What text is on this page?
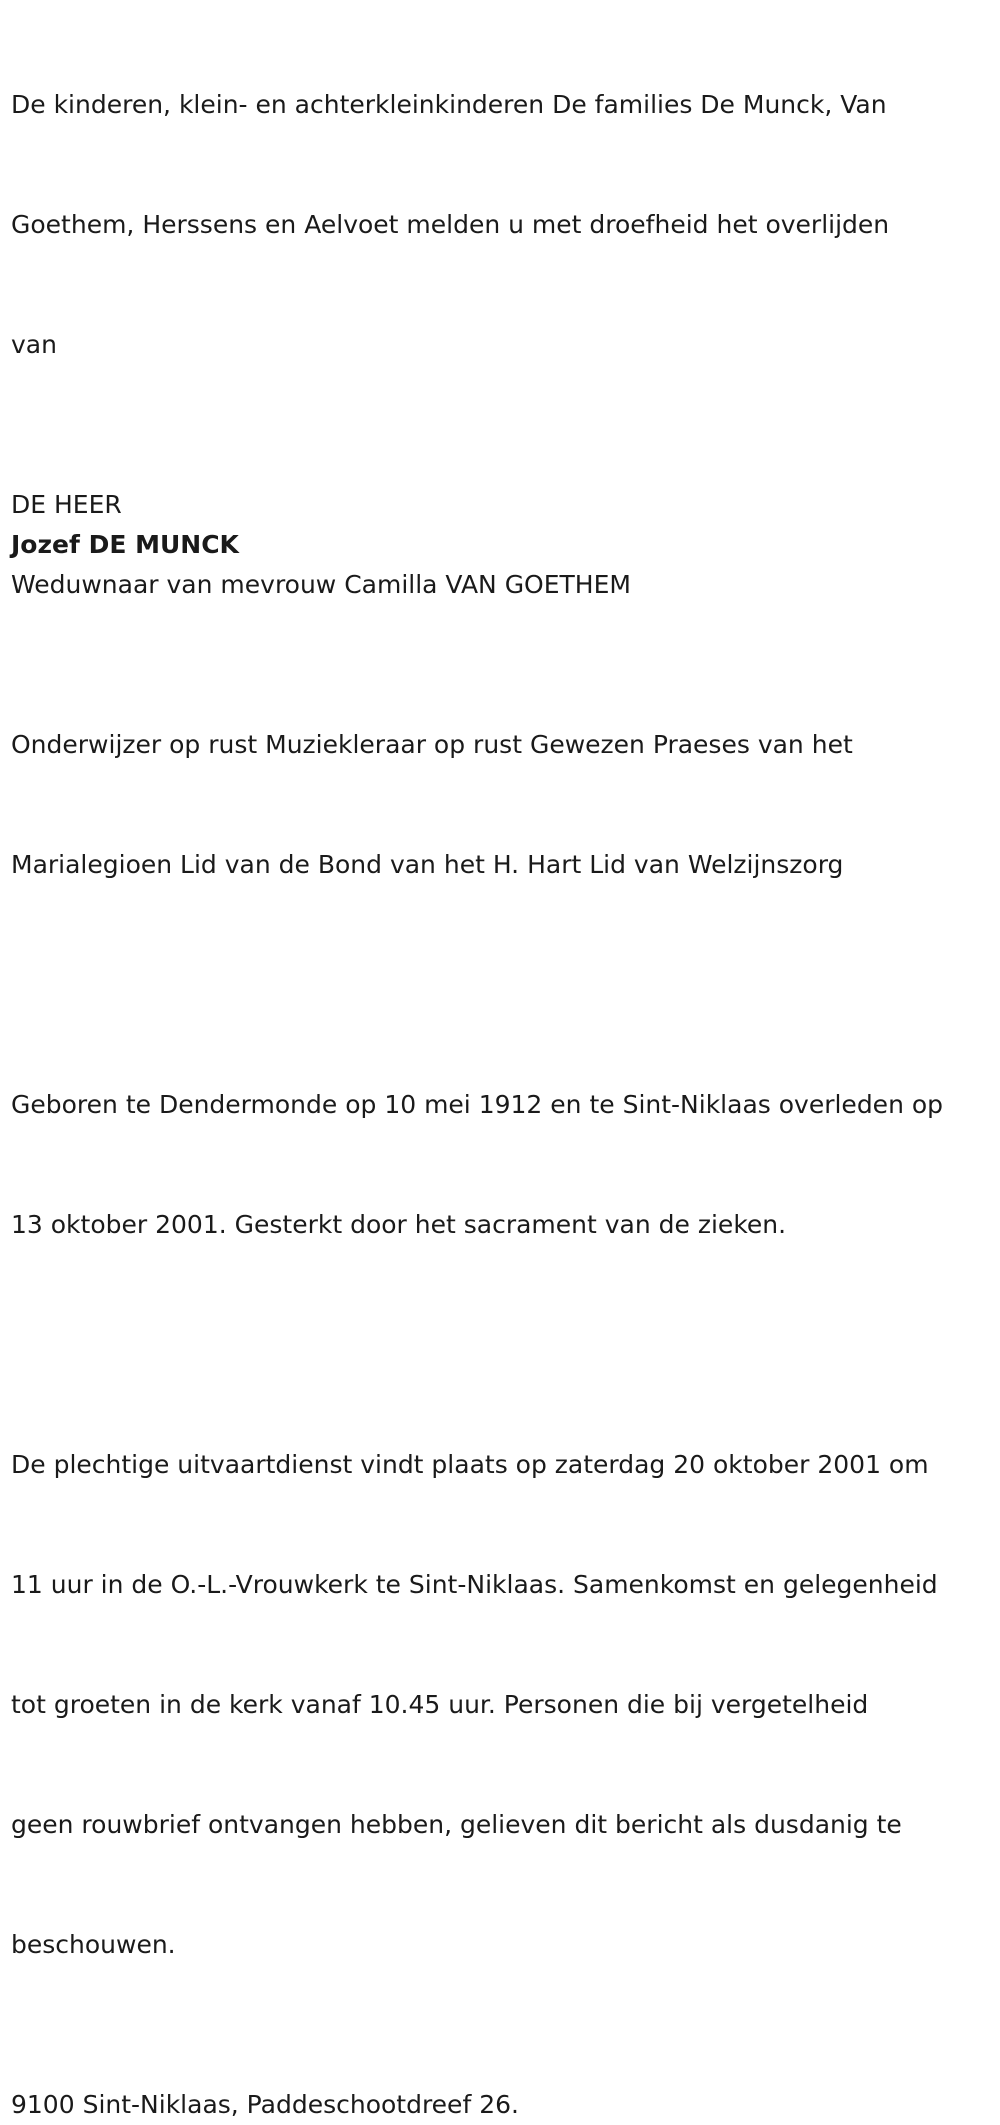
De kinderen, klein- en achterkleinkinderen De families De Munck, Van

Goethem, Herssens en Aelvoet melden u met droefheid het overlijden

van

DE HEER
Jozef DE MUNCK
Weduwnaar van mevrouw Camilla VAN GOETHEM

Onderwijzer op rust Muziekleraar op rust Gewezen Praeses van het

Marialegioen Lid van de Bond van het H. Hart Lid van Welzijnszorg

Geboren te Dendermonde op 10 mei 1912 en te Sint-Niklaas overleden op

13 oktober 2001. Gesterkt door het sacrament van de zieken.

De plechtige uitvaartdienst vindt plaats op zaterdag 20 oktober 2001 om

11 uur in de O.-L.-Vrouwkerk te Sint-Niklaas. Samenkomst en gelegenheid

tot groeten in de kerk vanaf 10.45 uur. Personen die bij vergetelheid

geen rouwbrief ontvangen hebben, gelieven dit bericht als dusdanig te

beschouwen.

9100 Sint-Niklaas, Paddeschootdreef 26.
